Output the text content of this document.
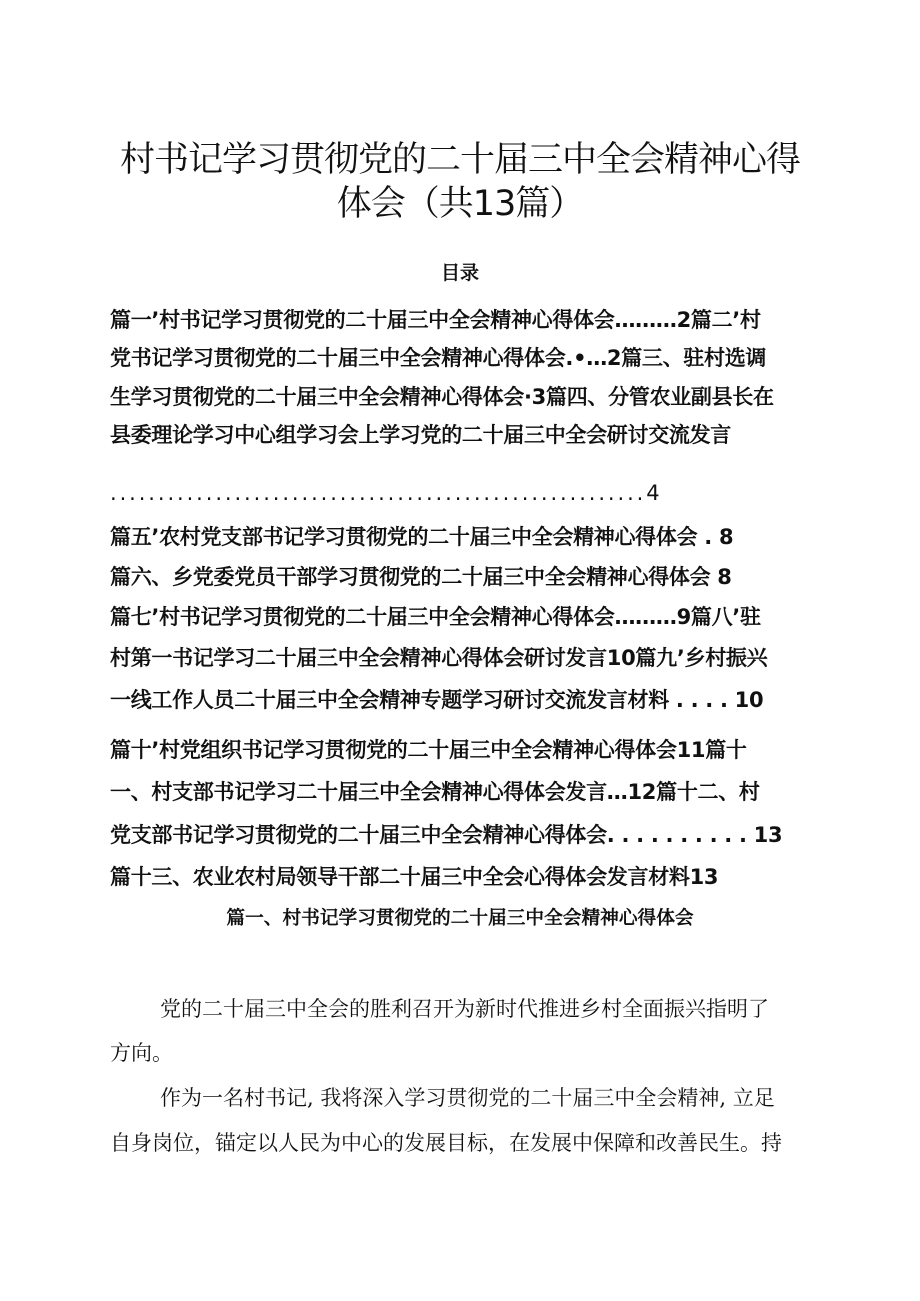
村书记学习贯彻党的二十届三中全会精神心得
体会（共13篇）
目录
篇一’村书记学习贯彻党的二十届三中全会精神心得体会………2篇二’村
党书记学习贯彻党的二十届三中全会精神心得体会.•…2篇三、驻村选调
生学习贯彻党的二十届三中全会精神心得体会·3篇四、分管农业副县长在
县委理论学习中心组学习会上学习党的二十届三中全会研讨交流发言
........................................................4
篇五’农村党支部书记学习贯彻党的二十届三中全会精神心得体会 . 8
篇六、乡党委党员干部学习贯彻党的二十届三中全会精神心得体会 8
篇七’村书记学习贯彻党的二十届三中全会精神心得体会………9篇八’驻
村第一书记学习二十届三中全会精神心得体会研讨发言10篇九’乡村振兴
一线工作人员二十届三中全会精神专题学习研讨交流发言材料 . . . . 10
篇十’村党组织书记学习贯彻党的二十届三中全会精神心得体会11篇十
一、村支部书记学习二十届三中全会精神心得体会发言…12篇十二、村
党支部书记学习贯彻党的二十届三中全会精神心得体会. . . . . . . . . . 13
篇十三、农业农村局领导干部二十届三中全会心得体会发言材料13
篇一、村书记学习贯彻党的二十届三中全会精神心得体会
党的二十届三中全会的胜利召开为新时代推进乡村全面振兴指明了
方向。
作为一名村书记, 我将深入学习贯彻党的二十届三中全会精神, 立足
自身岗位，锚定以人民为中心的发展目标，在发展中保障和改善民生。持
